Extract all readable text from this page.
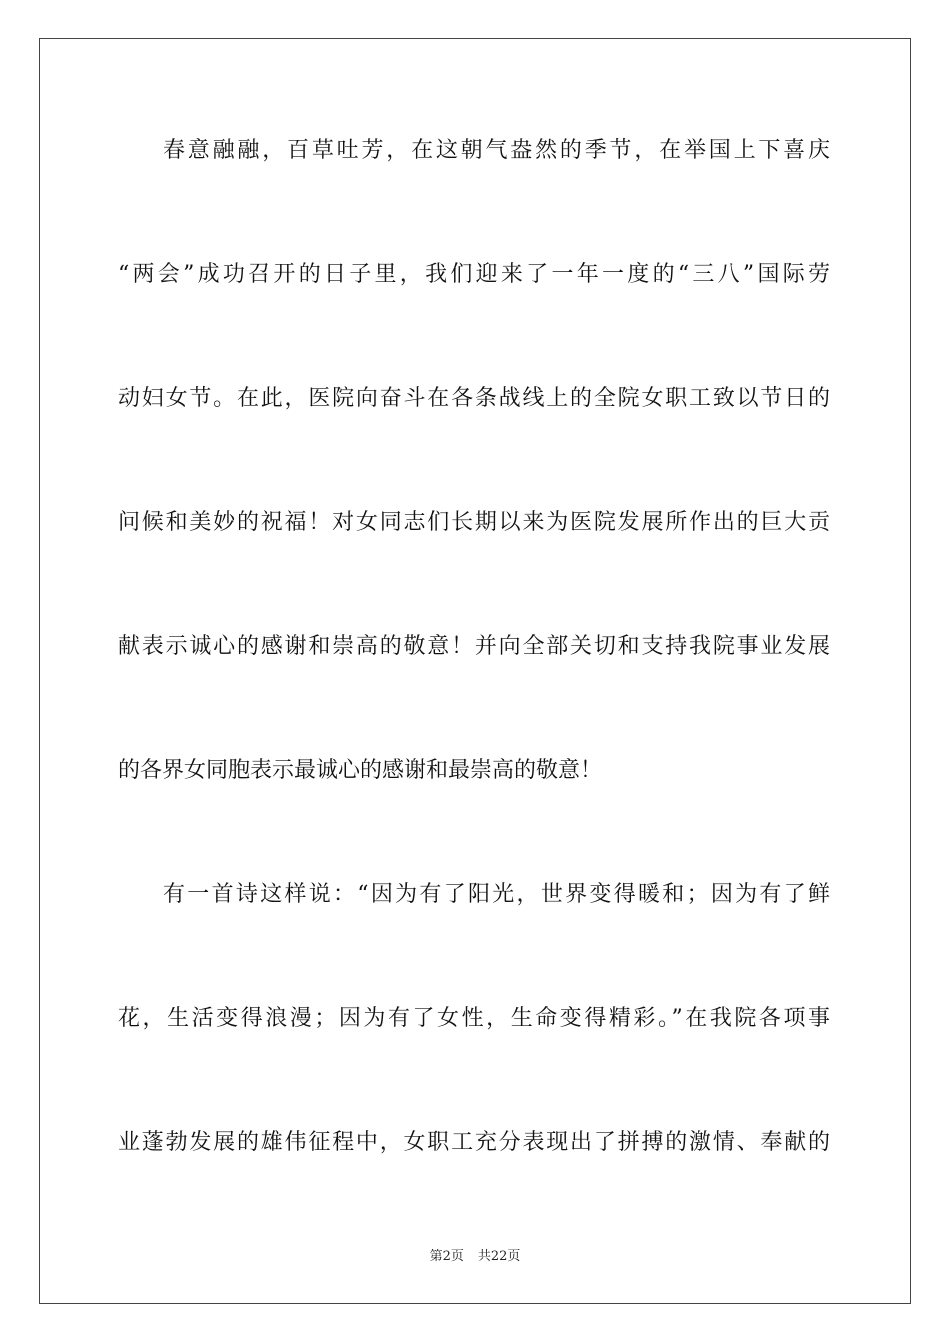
春意融融，百草吐芳，在这朝气盎然的季节，在举国上下喜庆
“两会”成功召开的日子里，我们迎来了一年一度的“三八”国际劳
动妇女节。在此，医院向奋斗在各条战线上的全院女职工致以节日的
问候和美妙的祝福！对女同志们长期以来为医院发展所作出的巨大贡
献表示诚心的感谢和崇高的敬意！并向全部关切和支持我院事业发展
的各界女同胞表示最诚心的感谢和最崇高的敬意！
有一首诗这样说：“因为有了阳光，世界变得暖和；因为有了鲜
花，生活变得浪漫；因为有了女性，生命变得精彩。”在我院各项事
业蓬勃发展的雄伟征程中，女职工充分表现出了拼搏的激情、奉献的
第2页 共22页
